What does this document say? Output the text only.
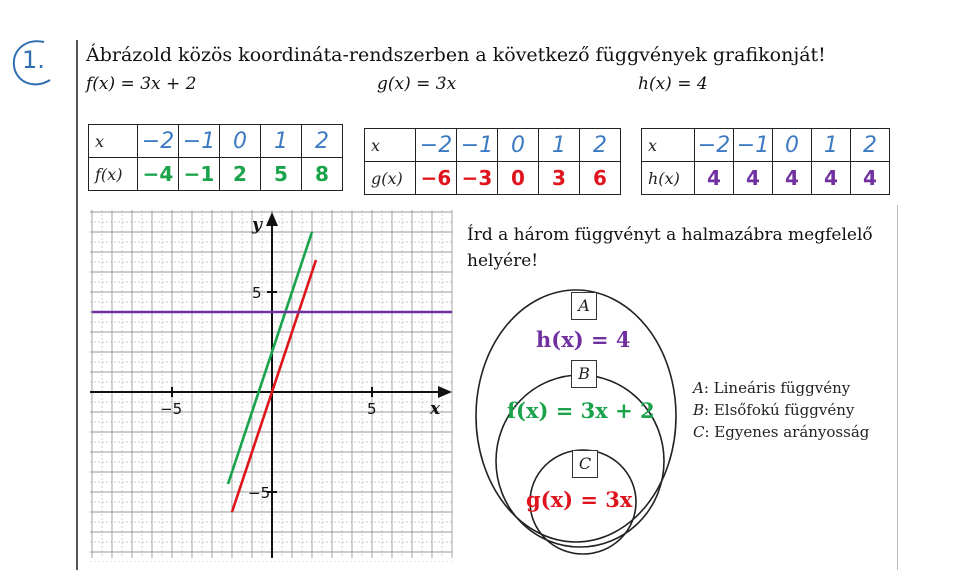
1. Ábrázold közös koordináta-rendszerben a következő függvények grafikonját!
f(x) = 3x + 2	g(x) = 3x	h(x) = 4
x	−2	−1	0	1	2
f(x)	−4	−1	2	5	8
x	−2	−1	0	1	2
g(x)	−6	−3	0	3	6
x	−2	−1	0	1	2
h(x)	4	4	4	4	4
x
y
−5	5
5
−5
Írd a három függvényt a halmazábra megfelelő helyére!
A
B
C
h(x) = 4
f(x) = 3x + 2
g(x) = 3x
A: Lineáris függvény
B: Elsőfokú függvény
C: Egyenes arányosság
